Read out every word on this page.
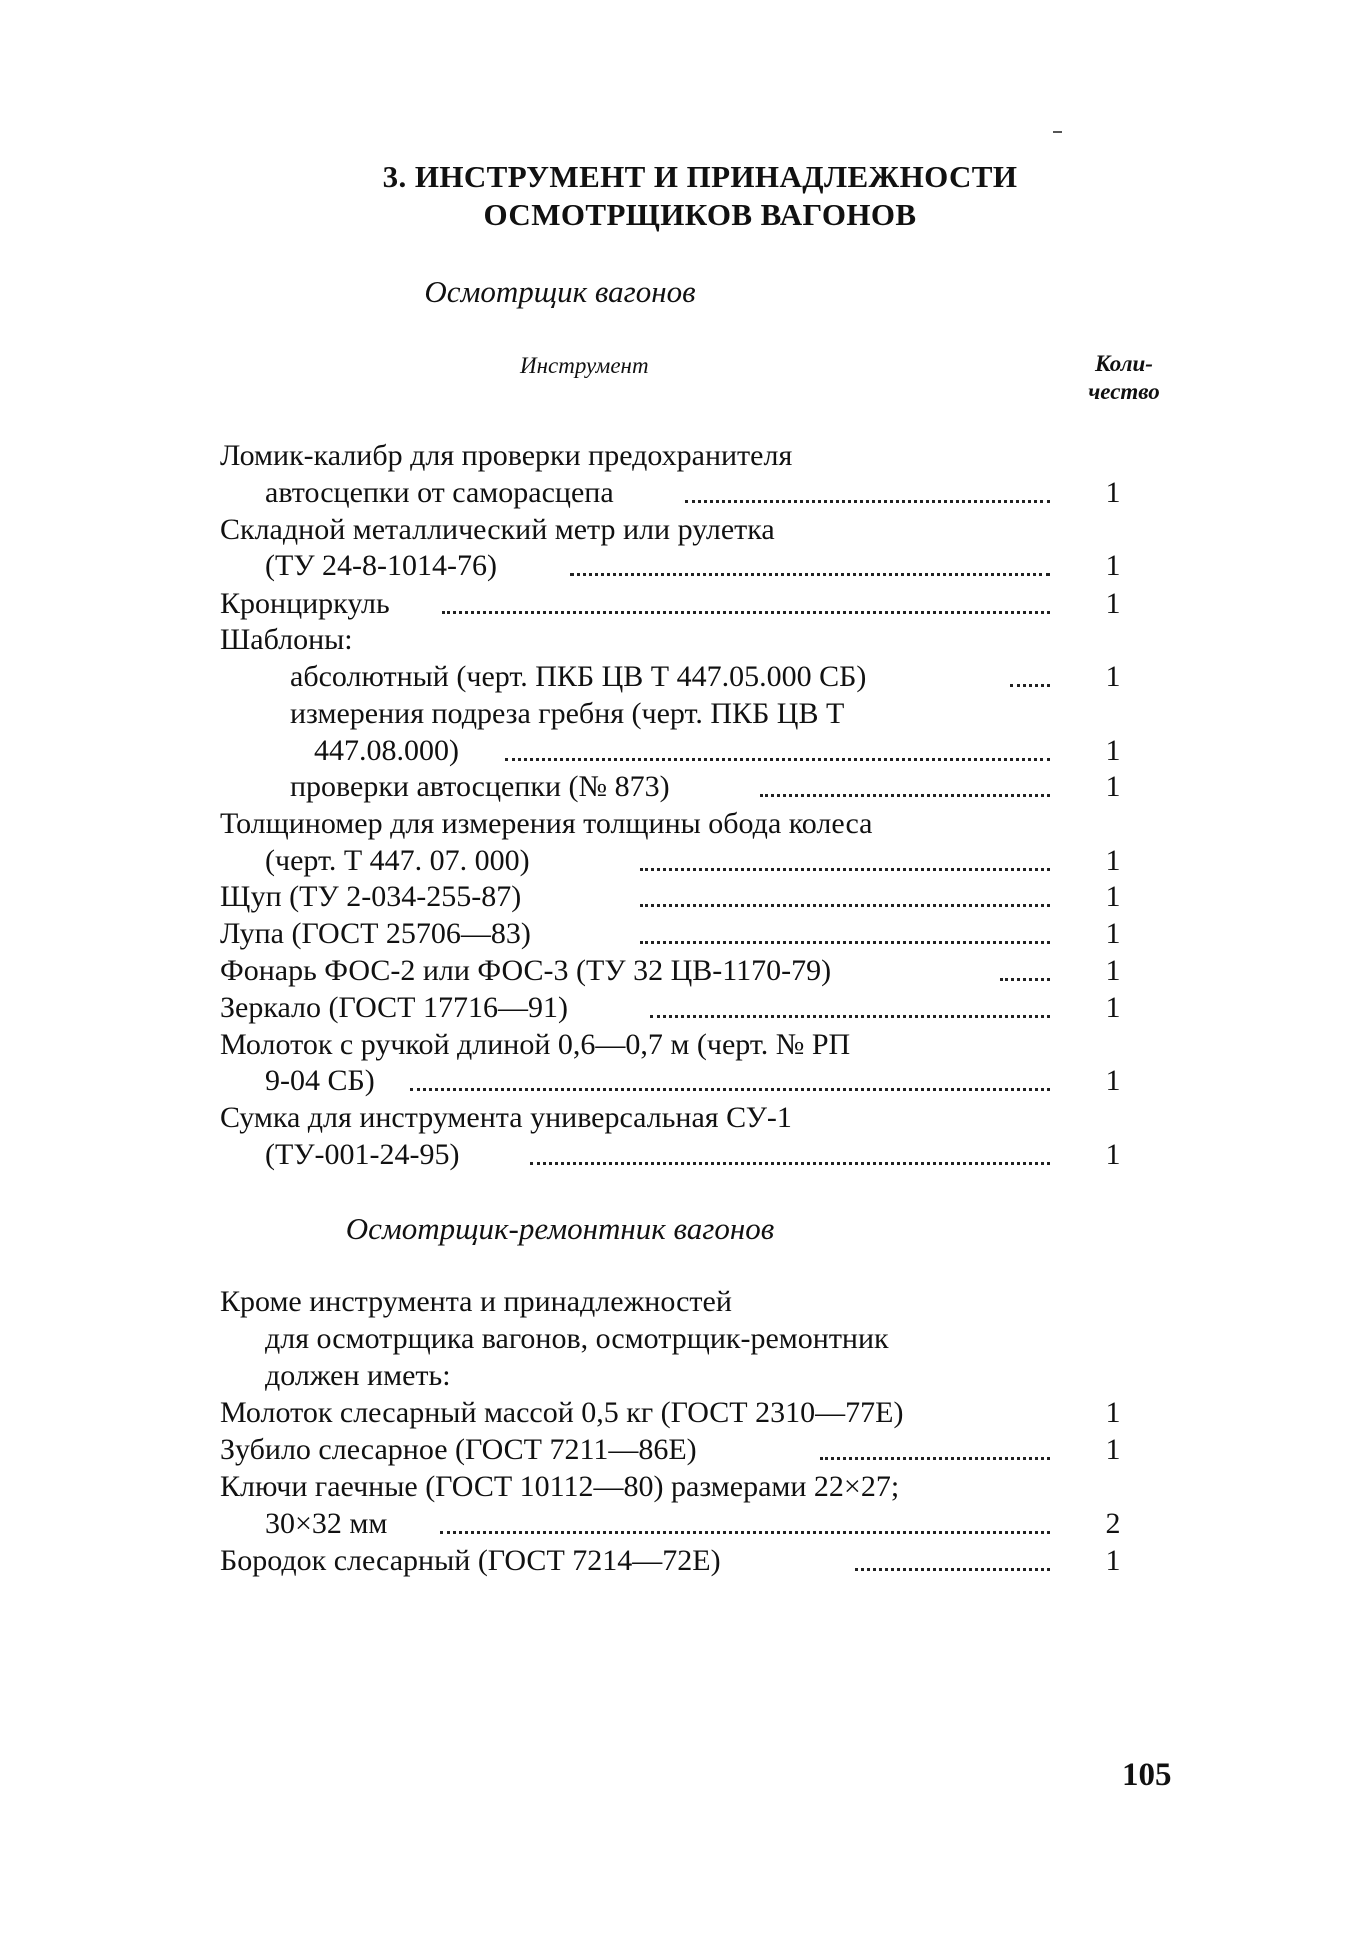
3. ИНСТРУМЕНТ И ПРИНАДЛЕЖНОСТИ
ОСМОТРЩИКОВ ВАГОНОВ
Осмотрщик вагонов
Инструмент	Коли-
чество
Ломик-калибр для проверки предохранителя
автосцепки от саморасцепа	1
Складной металлический метр или рулетка
(ТУ 24-8-1014-76)	1
Кронциркуль	1
Шаблоны:
абсолютный (черт. ПКБ ЦВ Т 447.05.000 СБ)	1
измерения подреза гребня (черт. ПКБ ЦВ Т
447.08.000)	1
проверки автосцепки (№ 873)	1
Толщиномер для измерения толщины обода колеса
(черт. Т 447. 07. 000)	1
Щуп (ТУ 2-034-255-87)	1
Лупа (ГОСТ 25706—83)	1
Фонарь ФОС-2 или ФОС-3 (ТУ 32 ЦВ-1170-79)	1
Зеркало (ГОСТ 17716—91)	1
Молоток с ручкой длиной 0,6—0,7 м (черт. № РП
9-04 СБ)	1
Сумка для инструмента универсальная СУ-1
(ТУ-001-24-95)	1
Осмотрщик-ремонтник вагонов
Кроме инструмента и принадлежностей
для осмотрщика вагонов, осмотрщик-ремонтник
должен иметь:
Молоток слесарный массой 0,5 кг (ГОСТ 2310—77Е)	1
Зубило слесарное (ГОСТ 7211—86Е)	1
Ключи гаечные (ГОСТ 10112—80) размерами 22×27;
30×32 мм	2
Бородок слесарный (ГОСТ 7214—72Е)	1
105
